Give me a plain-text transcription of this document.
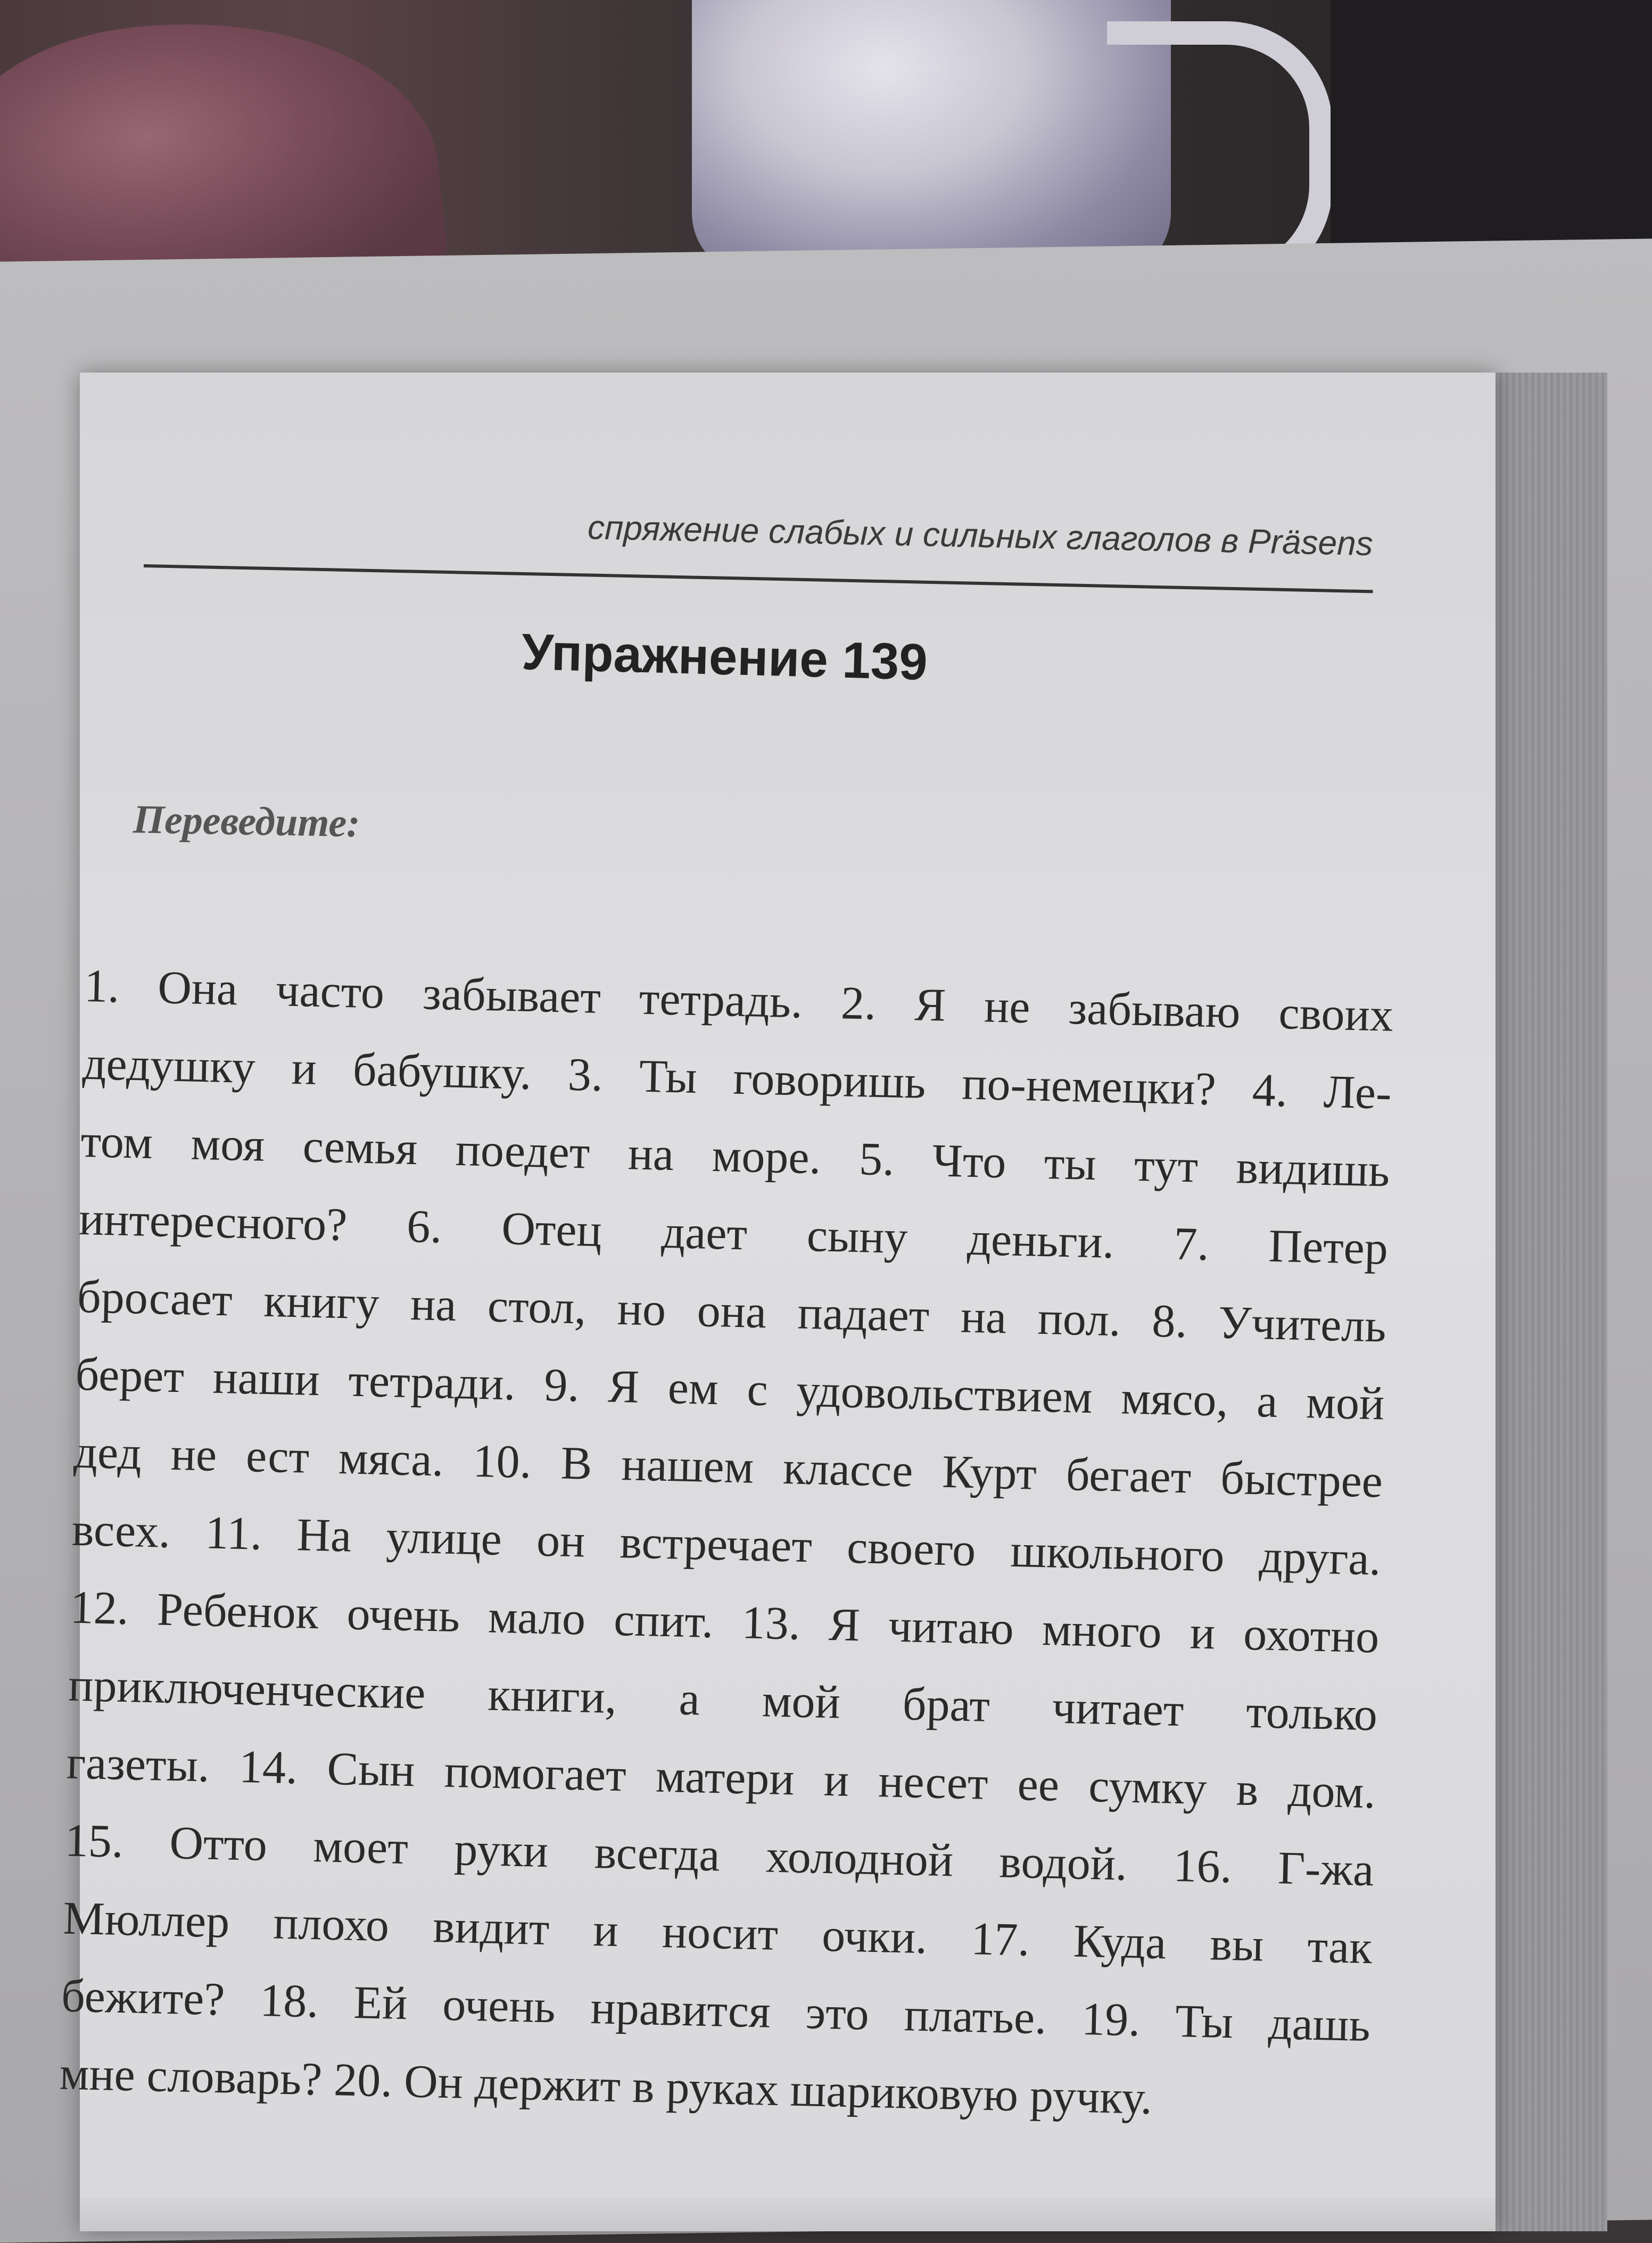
спряжение слабых и сильных глаголов в Präsens
Упражнение 139
Переведите:
1. Она часто забывает тетрадь. 2. Я не забываю своих
дедушку и бабушку. 3. Ты говоришь по-немецки? 4. Ле-
том моя семья поедет на море. 5. Что ты тут видишь
интересного? 6. Отец дает сыну деньги. 7. Петер
бросает книгу на стол, но она падает на пол. 8. Учитель
берет наши тетради. 9. Я ем с удовольствием мясо, а мой
дед не ест мяса. 10. В нашем классе Курт бегает быстрее
всех. 11. На улице он встречает своего школьного друга.
12. Ребенок очень мало спит. 13. Я читаю много и охотно
приключенческие книги, а мой брат читает только
газеты. 14. Сын помогает матери и несет ее сумку в дом.
15. Отто моет руки всегда холодной водой. 16. Г-жа
Мюллер плохо видит и носит очки. 17. Куда вы так
бежите? 18. Ей очень нравится это платье. 19. Ты дашь
мне словарь? 20. Он держит в руках шариковую ручку.
